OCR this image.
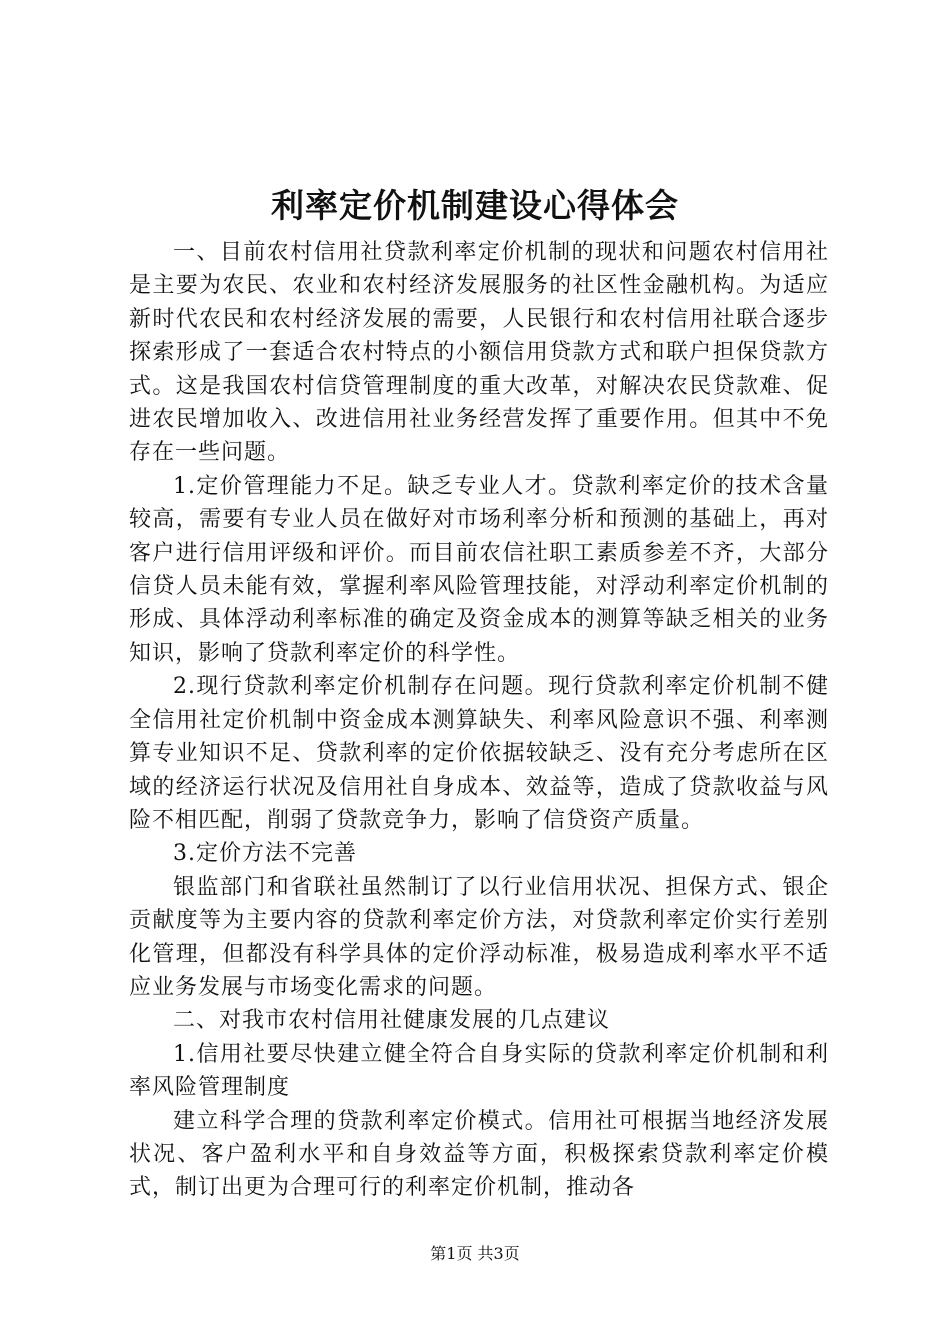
利率定价机制建设心得体会

一、目前农村信用社贷款利率定价机制的现状和问题农村信用社是主要为农民、农业和农村经济发展服务的社区性金融机构。为适应新时代农民和农村经济发展的需要，人民银行和农村信用社联合逐步探索形成了一套适合农村特点的小额信用贷款方式和联户担保贷款方式。这是我国农村信贷管理制度的重大改革，对解决农民贷款难、促进农民增加收入、改进信用社业务经营发挥了重要作用。但其中不免存在一些问题。

1.定价管理能力不足。缺乏专业人才。贷款利率定价的技术含量较高，需要有专业人员在做好对市场利率分析和预测的基础上，再对客户进行信用评级和评价。而目前农信社职工素质参差不齐，大部分信贷人员未能有效，掌握利率风险管理技能，对浮动利率定价机制的形成、具体浮动利率标准的确定及资金成本的测算等缺乏相关的业务知识，影响了贷款利率定价的科学性。

2.现行贷款利率定价机制存在问题。现行贷款利率定价机制不健全信用社定价机制中资金成本测算缺失、利率风险意识不强、利率测算专业知识不足、贷款利率的定价依据较缺乏、没有充分考虑所在区域的经济运行状况及信用社自身成本、效益等，造成了贷款收益与风险不相匹配，削弱了贷款竞争力，影响了信贷资产质量。

3.定价方法不完善

银监部门和省联社虽然制订了以行业信用状况、担保方式、银企贡献度等为主要内容的贷款利率定价方法，对贷款利率定价实行差别化管理，但都没有科学具体的定价浮动标准，极易造成利率水平不适应业务发展与市场变化需求的问题。

二、对我市农村信用社健康发展的几点建议

1.信用社要尽快建立健全符合自身实际的贷款利率定价机制和利率风险管理制度

建立科学合理的贷款利率定价模式。信用社可根据当地经济发展状况、客户盈利水平和自身效益等方面，积极探索贷款利率定价模式，制订出更为合理可行的利率定价机制，推动各

第1页 共3页
